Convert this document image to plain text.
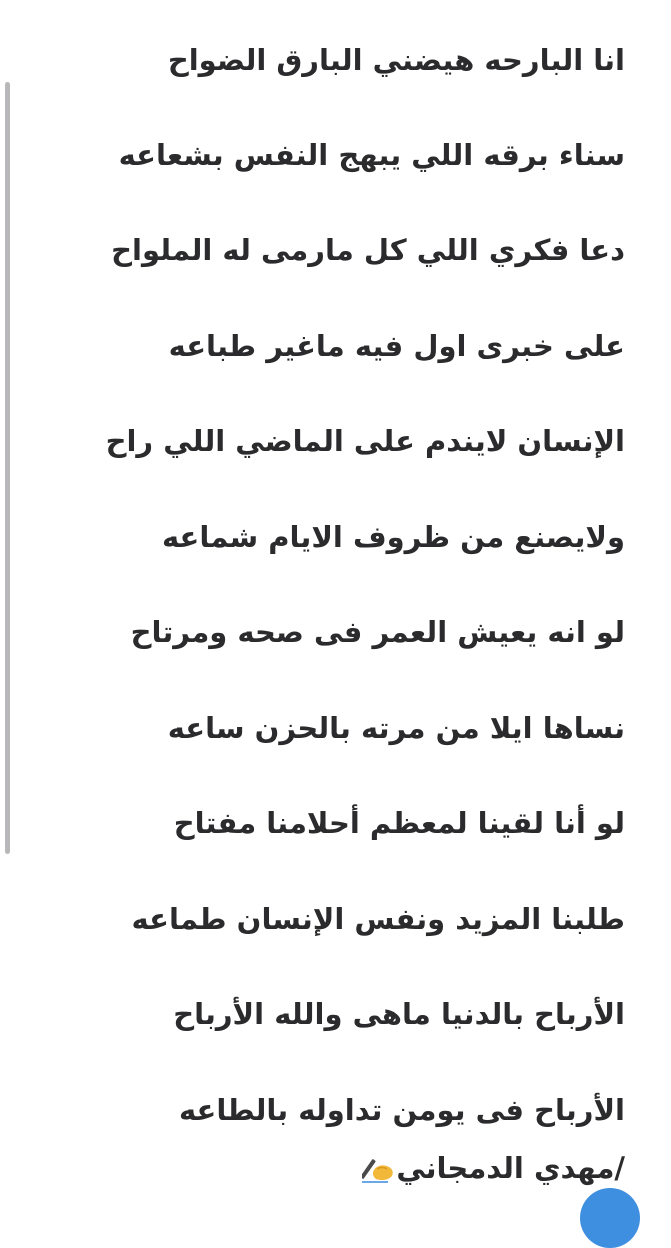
انا البارحه هيضني البارق الضواح
سناء برقه اللي يبهج النفس بشعاعه
دعا فكري اللي كل مارمى له الملواح
على خبرى اول فيه ماغير طباعه
الإنسان لايندم على الماضي اللي راح
ولايصنع من ظروف الايام شماعه
لو انه يعيش العمر فى صحه ومرتاح
نساها ايلا من مرته بالحزن ساعه
لو أنا لقينا لمعظم أحلامنا مفتاح
طلبنا المزيد ونفس الإنسان طماعه
الأرباح بالدنيا ماهى والله الأرباح
الأرباح فى يومن تداوله بالطاعه
/مهدي الدمجاني
